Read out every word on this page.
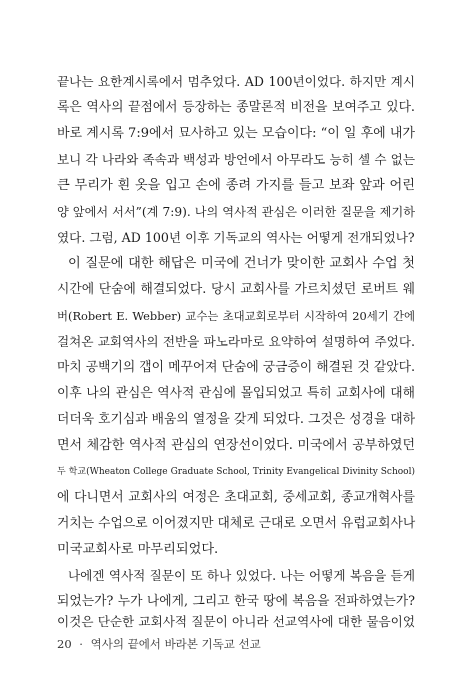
끝나는 요한계시록에서 멈추었다. AD 100년이었다. 하지만 계시
록은 역사의 끝점에서 등장하는 종말론적 비전을 보여주고 있다.
바로 계시록 7:9에서 묘사하고 있는 모습이다: “이 일 후에 내가
보니 각 나라와 족속과 백성과 방언에서 아무라도 능히 셀 수 없는
큰 무리가 흰 옷을 입고 손에 종려 가지를 들고 보좌 앞과 어린
양 앞에서 서서”(계 7:9). 나의 역사적 관심은 이러한 질문을 제기하
였다. 그럼, AD 100년 이후 기독교의 역사는 어떻게 전개되었나?
이 질문에 대한 해답은 미국에 건너가 맞이한 교회사 수업 첫
시간에 단숨에 해결되었다. 당시 교회사를 가르치셨던 로버트 웨
버(Robert E. Webber) 교수는 초대교회로부터 시작하여 20세기 간에
걸쳐온 교회역사의 전반을 파노라마로 요약하여 설명하여 주었다.
마치 공백기의 갭이 메꾸어져 단숨에 궁금증이 해결된 것 같았다.
이후 나의 관심은 역사적 관심에 몰입되었고 특히 교회사에 대해
더더욱 호기심과 배움의 열정을 갖게 되었다. 그것은 성경을 대하
면서 체감한 역사적 관심의 연장선이었다. 미국에서 공부하였던
두 학교(Wheaton College Graduate School, Trinity Evangelical Divinity School)
에 다니면서 교회사의 여정은 초대교회, 중세교회, 종교개혁사를
거치는 수업으로 이어졌지만 대체로 근대로 오면서 유럽교회사나
미국교회사로 마무리되었다.
나에겐 역사적 질문이 또 하나 있었다. 나는 어떻게 복음을 듣게
되었는가? 누가 나에게, 그리고 한국 땅에 복음을 전파하였는가?
이것은 단순한 교회사적 질문이 아니라 선교역사에 대한 물음이었
20 · 역사의 끝에서 바라본 기독교 선교
